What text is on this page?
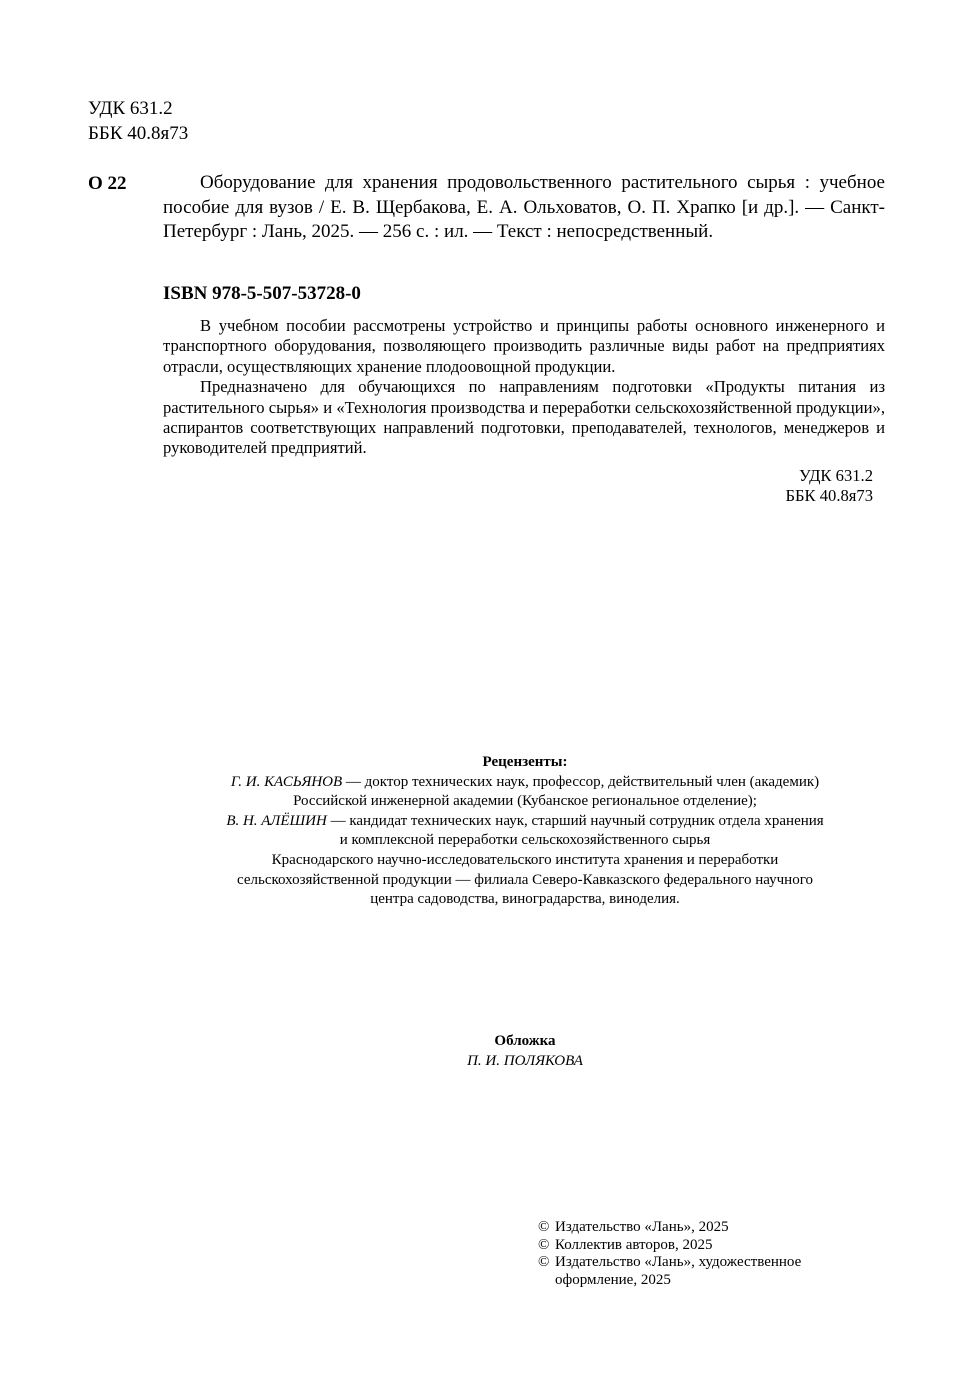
УДК 631.2
ББК 40.8я73
О 22	Оборудование для хранения продовольственного растительного сырья : учебное пособие для вузов / Е. В. Щербакова, Е. А. Ольховатов, О. П. Храпко [и др.]. — Санкт-Петербург : Лань, 2025. — 256 с. : ил. — Текст : непосредственный.

ISBN 978-5-507-53728-0

В учебном пособии рассмотрены устройство и принципы работы основного инженерного и транспортного оборудования, позволяющего производить различные виды работ на предприятиях отрасли, осуществляющих хранение плодоовощной продукции.

Предназначено для обучающихся по направлениям подготовки «Продукты питания из растительного сырья» и «Технология производства и переработки сельскохозяйственной продукции», аспирантов соответствующих направлений подготовки, преподавателей, технологов, менеджеров и руководителей предприятий.

УДК 631.2
ББК 40.8я73
Рецензенты:
Г. И. КАСЬЯНОВ — доктор технических наук, профессор, действительный член (академик)
Российской инженерной академии (Кубанское региональное отделение);
В. Н. АЛЁШИН — кандидат технических наук, старший научный сотрудник отдела хранения
и комплексной переработки сельскохозяйственного сырья
Краснодарского научно-исследовательского института хранения и переработки
сельскохозяйственной продукции — филиала Северо-Кавказского федерального научного
центра садоводства, виноградарства, виноделия.
Обложка
П. И. ПОЛЯКОВА
© Издательство «Лань», 2025
© Коллектив авторов, 2025
© Издательство «Лань», художественное
оформление, 2025
